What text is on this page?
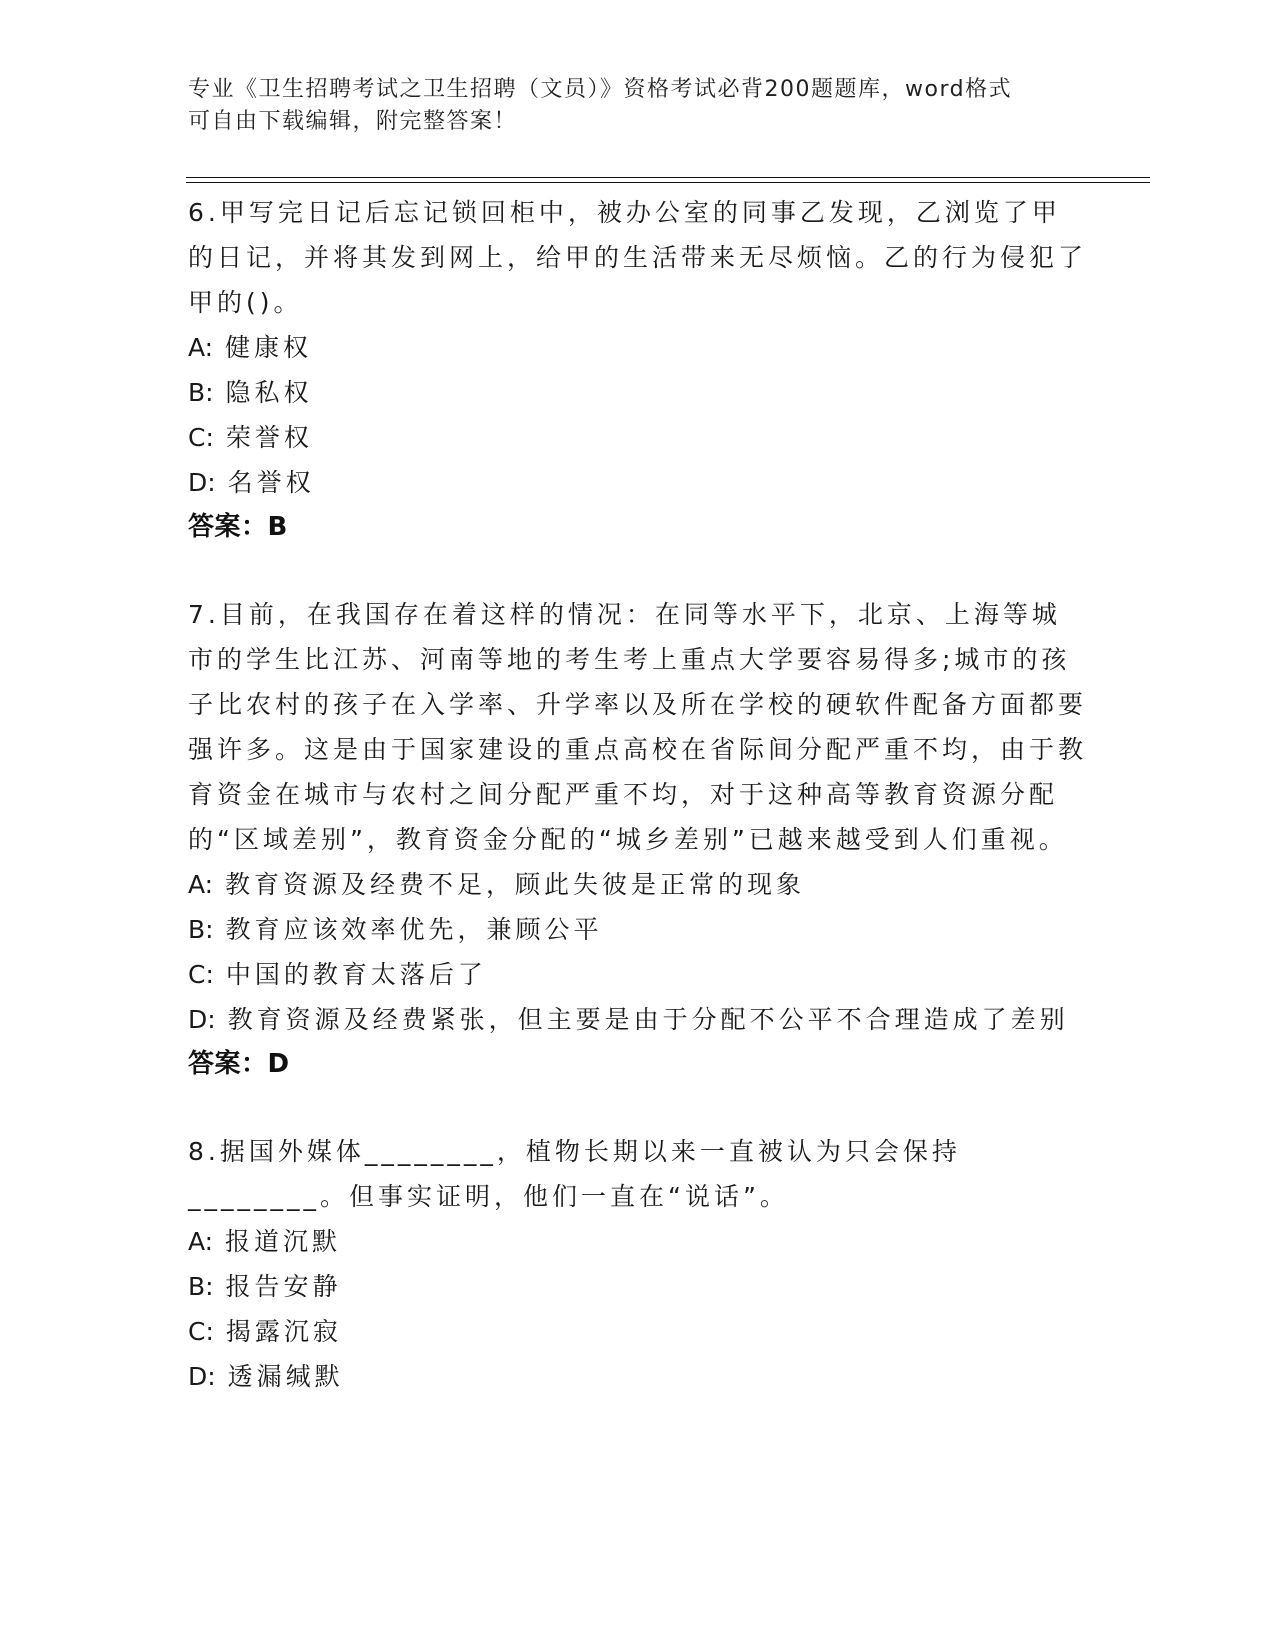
专业《卫生招聘考试之卫生招聘（文员）》资格考试必背200题题库，word格式
可自由下载编辑，附完整答案！
6.甲写完日记后忘记锁回柜中，被办公室的同事乙发现，乙浏览了甲的日记，并将其发到网上，给甲的生活带来无尽烦恼。乙的行为侵犯了甲的()。
A: 健康权
B: 隐私权
C: 荣誉权
D: 名誉权
答案：B
7.目前，在我国存在着这样的情况：在同等水平下，北京、上海等城市的学生比江苏、河南等地的考生考上重点大学要容易得多;城市的孩子比农村的孩子在入学率、升学率以及所在学校的硬软件配备方面都要强许多。这是由于国家建设的重点高校在省际间分配严重不均，由于教育资金在城市与农村之间分配严重不均，对于这种高等教育资源分配的“区域差别”，教育资金分配的“城乡差别”已越来越受到人们重视。
A: 教育资源及经费不足，顾此失彼是正常的现象
B: 教育应该效率优先，兼顾公平
C: 中国的教育太落后了
D: 教育资源及经费紧张，但主要是由于分配不公平不合理造成了差别
答案：D
8.据国外媒体________，植物长期以来一直被认为只会保持________。但事实证明，他们一直在“说话”。
A: 报道沉默
B: 报告安静
C: 揭露沉寂
D: 透漏缄默
